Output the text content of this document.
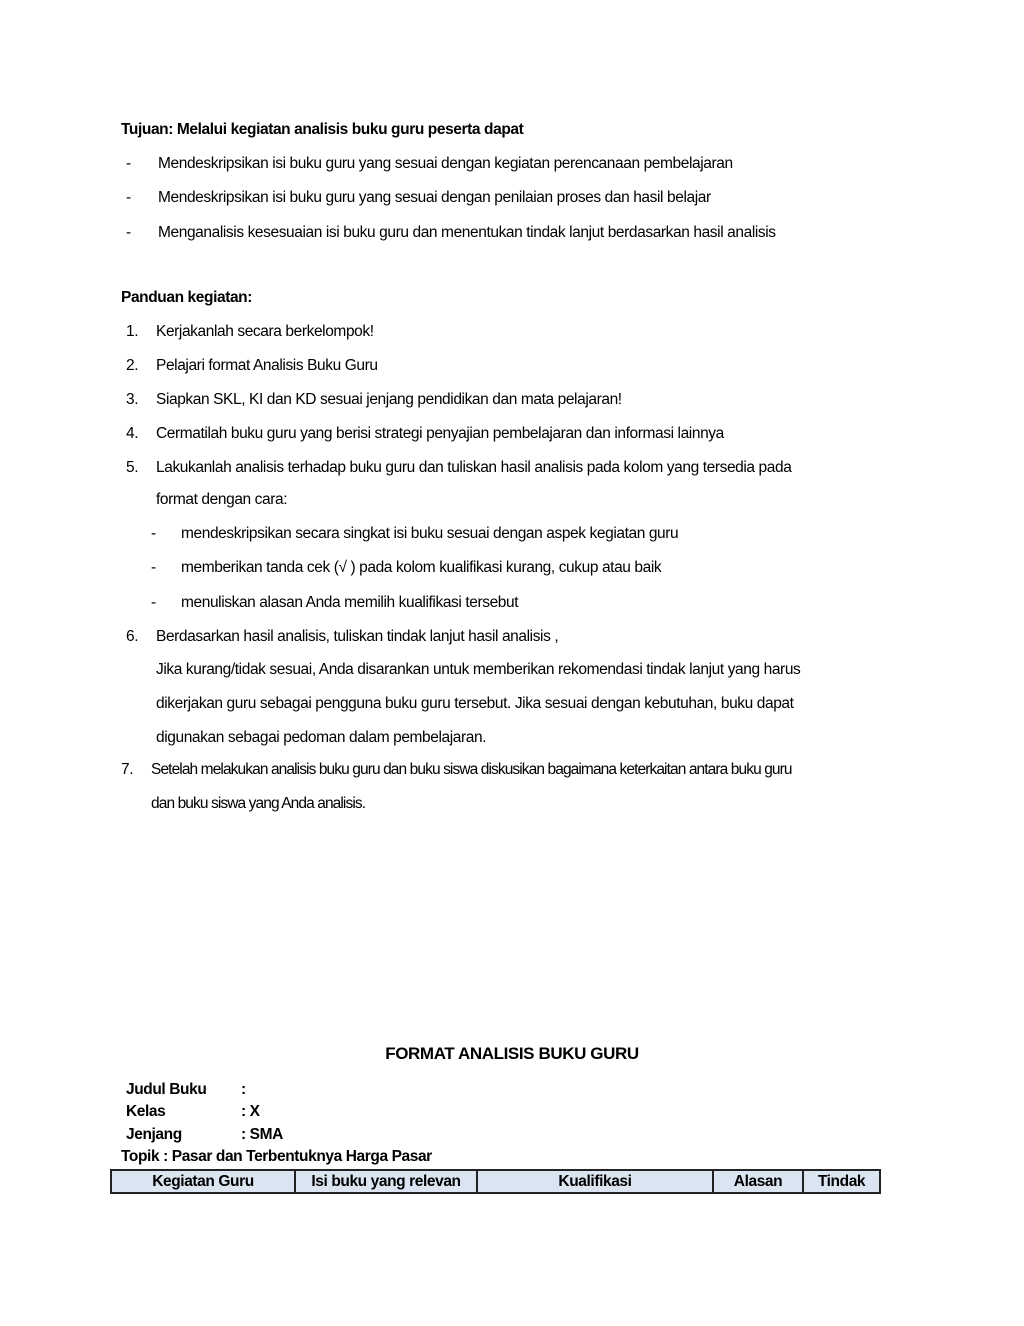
Tujuan: Melalui kegiatan analisis buku guru peserta dapat
- Mendeskripsikan isi buku guru yang sesuai dengan kegiatan perencanaan pembelajaran
- Mendeskripsikan isi buku guru yang sesuai dengan penilaian proses dan hasil belajar
- Menganalisis kesesuaian isi buku guru dan menentukan tindak lanjut berdasarkan hasil analisis
Panduan kegiatan:
1. Kerjakanlah secara berkelompok!
2. Pelajari format Analisis Buku Guru
3. Siapkan SKL, KI dan KD sesuai jenjang pendidikan dan mata pelajaran!
4. Cermatilah buku guru yang berisi strategi penyajian pembelajaran dan informasi lainnya
5. Lakukanlah analisis terhadap buku guru dan tuliskan hasil analisis pada kolom yang tersedia pada
format dengan cara:
- mendeskripsikan secara singkat isi buku sesuai dengan aspek kegiatan guru
- memberikan tanda cek (√ ) pada kolom kualifikasi kurang, cukup atau baik
- menuliskan alasan Anda memilih kualifikasi tersebut
6. Berdasarkan hasil analisis, tuliskan tindak lanjut hasil analisis ,
Jika kurang/tidak sesuai, Anda disarankan untuk memberikan rekomendasi tindak lanjut yang harus
dikerjakan guru sebagai pengguna buku guru tersebut. Jika sesuai dengan kebutuhan, buku dapat
digunakan sebagai pedoman dalam pembelajaran.
7. Setelah melakukan analisis buku guru dan buku siswa diskusikan bagaimana keterkaitan antara buku guru
dan buku siswa yang Anda analisis.
FORMAT ANALISIS BUKU GURU
Judul Buku :
Kelas	: X
Jenjang	: SMA
Topik : Pasar dan Terbentuknya Harga Pasar
Kegiatan Guru	Isi buku yang relevan	Kualifikasi	Alasan	Tindak
